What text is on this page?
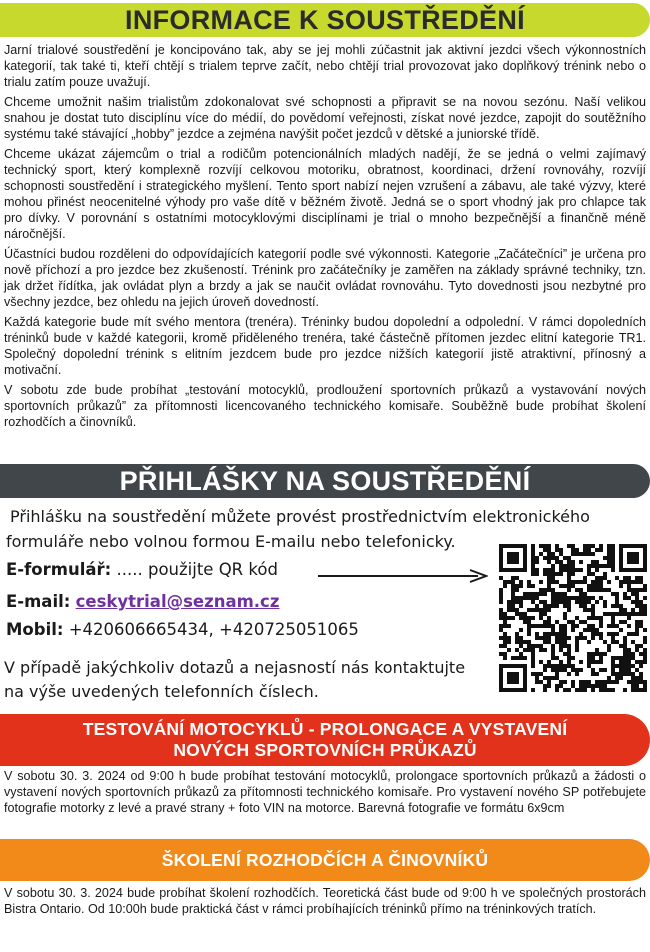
INFORMACE K SOUSTŘEDĚNÍ

Jarní trialové soustředění je koncipováno tak, aby se jej mohli zúčastnit jak aktivní jezdci všech výkonnostních kategorií, tak také ti, kteří chtějí s trialem teprve začít, nebo chtějí trial provozovat jako doplňkový trénink nebo o trialu zatím pouze uvažují.

Chceme umožnit našim trialistům zdokonalovat své schopnosti a připravit se na novou sezónu. Naší velikou snahou je dostat tuto disciplínu více do médií, do povědomí veřejnosti, získat nové jezdce, zapojit do soutěžního systému také stávající „hobby” jezdce a zejména navýšit počet jezdců v dětské a juniorské třídě.

Chceme ukázat zájemcům o trial a rodičům potencionálních mladých nadějí, že se jedná o velmi zajímavý technický sport, který komplexně rozvíjí celkovou motoriku, obratnost, koordinaci, držení rovnováhy, rozvíjí schopnosti soustředění i strategického myšlení. Tento sport nabízí nejen vzrušení a zábavu, ale také výzvy, které mohou přinést neocenitelné výhody pro vaše dítě v běžném životě. Jedná se o sport vhodný jak pro chlapce tak pro dívky. V porovnání s ostatními motocyklovými disciplínami je trial o mnoho bezpečnější a finančně méně náročnější.

Účastníci budou rozděleni do odpovídajících kategorií podle své výkonnosti. Kategorie „Začátečníci” je určena pro nově příchozí a pro jezdce bez zkušeností. Trénink pro začátečníky je zaměřen na základy správné techniky, tzn. jak držet řídítka, jak ovládat plyn a brzdy a jak se naučit ovládat rovnováhu. Tyto dovednosti jsou nezbytné pro všechny jezdce, bez ohledu na jejich úroveň dovedností.

Každá kategorie bude mít svého mentora (trenéra). Tréninky budou dopolední a odpolední. V rámci dopoledních tréninků bude v každé kategorii, kromě přiděleného trenéra, také částečně přítomen jezdec elitní kategorie TR1. Společný dopolední trénink s elitním jezdcem bude pro jezdce nižších kategorií jistě atraktivní, přínosný a motivační.

V sobotu zde bude probíhat „testování motocyklů, prodloužení sportovních průkazů a vystavování nových sportovních průkazů” za přítomnosti licencovaného technického komisaře. Souběžně bude probíhat školení rozhodčích a činovníků.

PŘIHLÁŠKY NA SOUSTŘEDĚNÍ
Přihlášku na soustředění můžete provést prostřednictvím elektronického
formuláře nebo volnou formou E-mailu nebo telefonicky.
E-formulář: ..... použijte QR kód
E-mail: ceskytrial@seznam.cz
Mobil: +420606665434, +420725051065
V případě jakýchkoliv dotazů a nejasností nás kontaktujte
na výše uvedených telefonních číslech.
TESTOVÁNÍ MOTOCYKLŮ - PROLONGACE A VYSTAVENÍ NOVÝCH SPORTOVNÍCH PRŮKAZŮ

V sobotu 30. 3. 2024 od 9:00 h bude probíhat testování motocyklů, prolongace sportovních průkazů a žádosti o vystavení nových sportovních průkazů za přítomnosti technického komisaře. Pro vystavení nového SP potřebujete fotografie motorky z levé a pravé strany + foto VIN na motorce. Barevná fotografie ve formátu 6x9cm

ŠKOLENÍ ROZHODČÍCH A ČINOVNÍKŮ

V sobotu 30. 3. 2024 bude probíhat školení rozhodčích. Teoretická část bude od 9:00 h ve společných prostorách Bistra Ontario. Od 10:00h bude praktická část v rámci probíhajících tréninků přímo na tréninkových tratích.
